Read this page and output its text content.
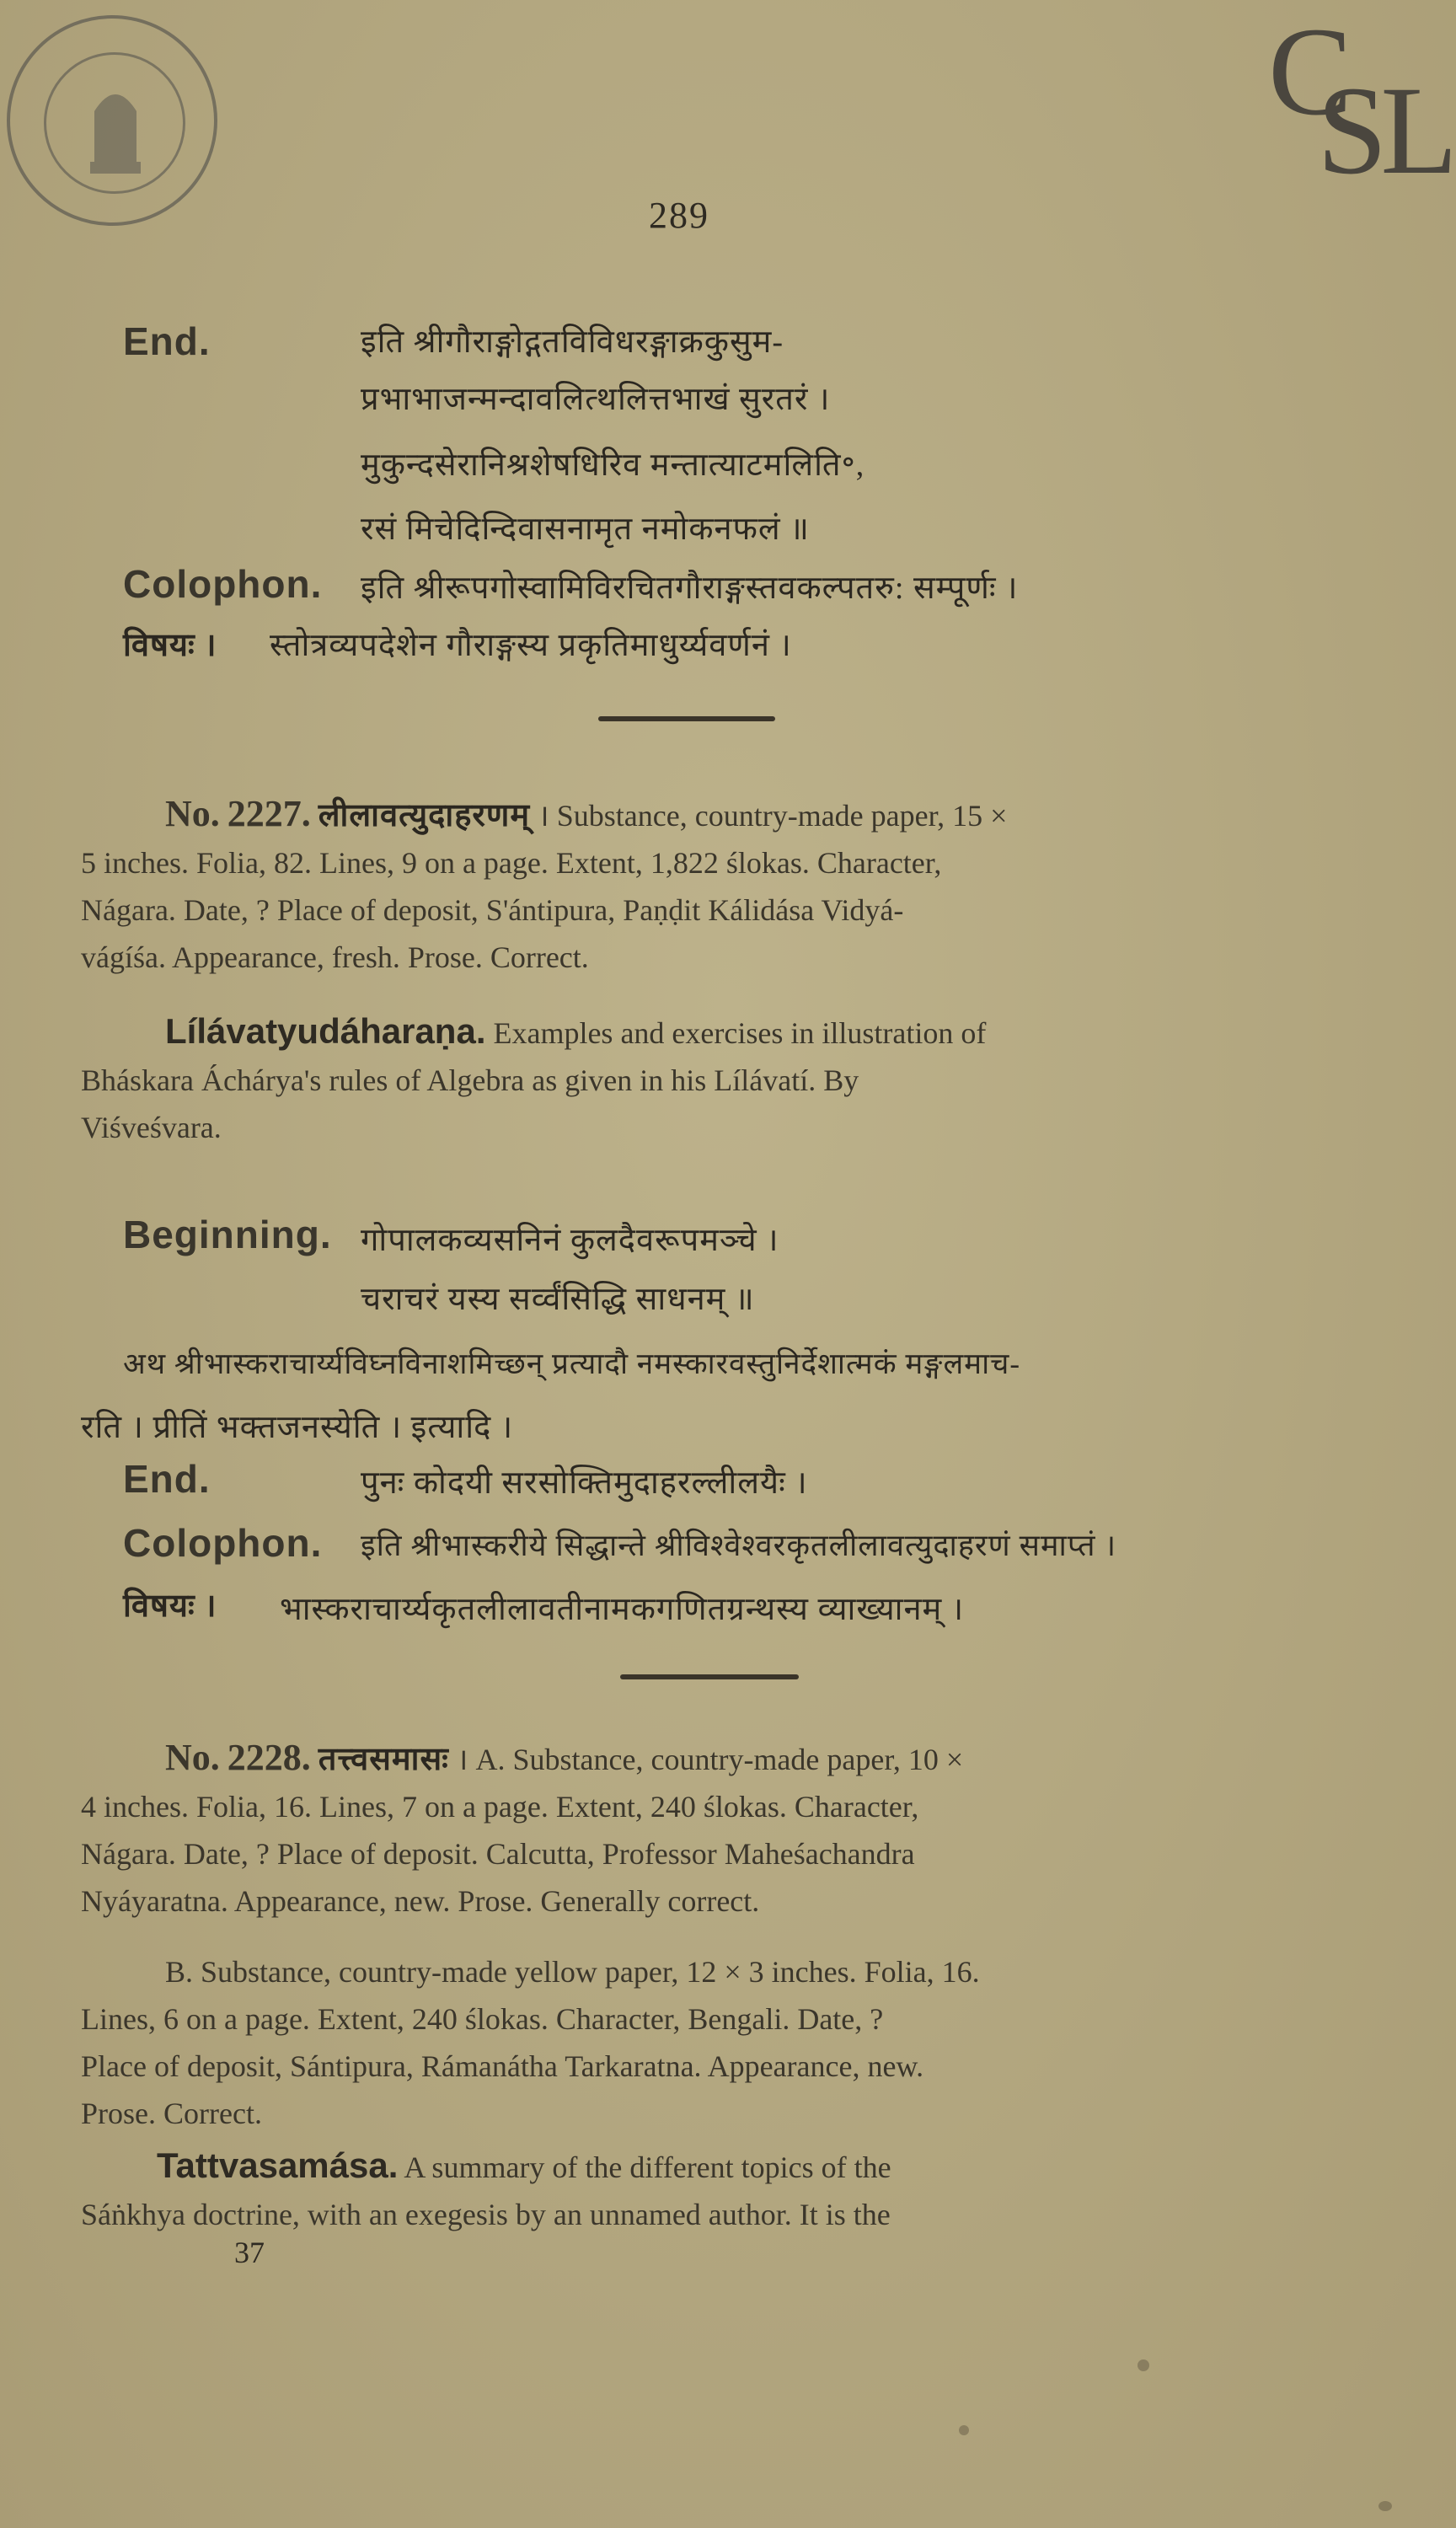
C
SL
289
End.	इति श्रीगौराङ्गोद्गतविविधरङ्गाक्रकुसुम-
प्रभाभाजन्मन्दावलित्थलित्तभाखं सुरतरं ।
मुकुन्दसेरानिश्रशेषधिरिव मन्तात्याटमलिति॰,
रसं मिचेदिन्दिवासनामृत नमोकनफलं ॥
Colophon. इति श्रीरूपगोस्वामिविरचितगौराङ्गस्तवकल्पतरु: सम्पूर्णः ।
विषयः । स्तोत्रव्यपदेशेन गौराङ्गस्य प्रकृतिमाधुर्य्यवर्णनं ।
No. 2227. लीलावत्युदाहरणम् । Substance, country-made paper, 15 ×
5 inches. Folia, 82. Lines, 9 on a page. Extent, 1,822 ślokas. Character,
Nágara. Date, ? Place of deposit, S'ántipura, Paṇḍit Kálidása Vidyá-
vágíśa. Appearance, fresh. Prose. Correct.
Lílávatyudáharaṇa. Examples and exercises in illustration of
Bháskara Áchárya's rules of Algebra as given in his Lílávatí. By
Viśveśvara.
Beginning. गोपालकव्यसनिनं कुलदैवरूपमञ्चे ।
चराचरं यस्य सर्व्वंसिद्धि साधनम् ॥
अथ श्रीभास्कराचार्य्यविघ्नविनाशमिच्छन् प्रत्यादौ नमस्कारवस्तुनिर्देशात्मकं मङ्गलमाच-
रति । प्रीतिं भक्तजनस्येति । इत्यादि ।
End.	पुनः कोदयी सरसोक्तिमुदाहरल्लीलयैः ।
Colophon. इति श्रीभास्करीये सिद्धान्ते श्रीविश्वेश्वरकृतलीलावत्युदाहरणं समाप्तं ।
विषयः । भास्कराचार्य्यकृतलीलावतीनामकगणितग्रन्थस्य व्याख्यानम् ।
No. 2228. तत्त्वसमासः । A. Substance, country-made paper, 10 ×
4 inches. Folia, 16. Lines, 7 on a page. Extent, 240 ślokas. Character,
Nágara. Date, ? Place of deposit. Calcutta, Professor Maheśachandra
Nyáyaratna. Appearance, new. Prose. Generally correct.
B. Substance, country-made yellow paper, 12 × 3 inches. Folia, 16.
Lines, 6 on a page. Extent, 240 ślokas. Character, Bengali. Date, ?
Place of deposit, Sántipura, Rámanátha Tarkaratna. Appearance, new.
Prose. Correct.
Tattvasamása. A summary of the different topics of the
Sáṅkhya doctrine, with an exegesis by an unnamed author. It is the
37
